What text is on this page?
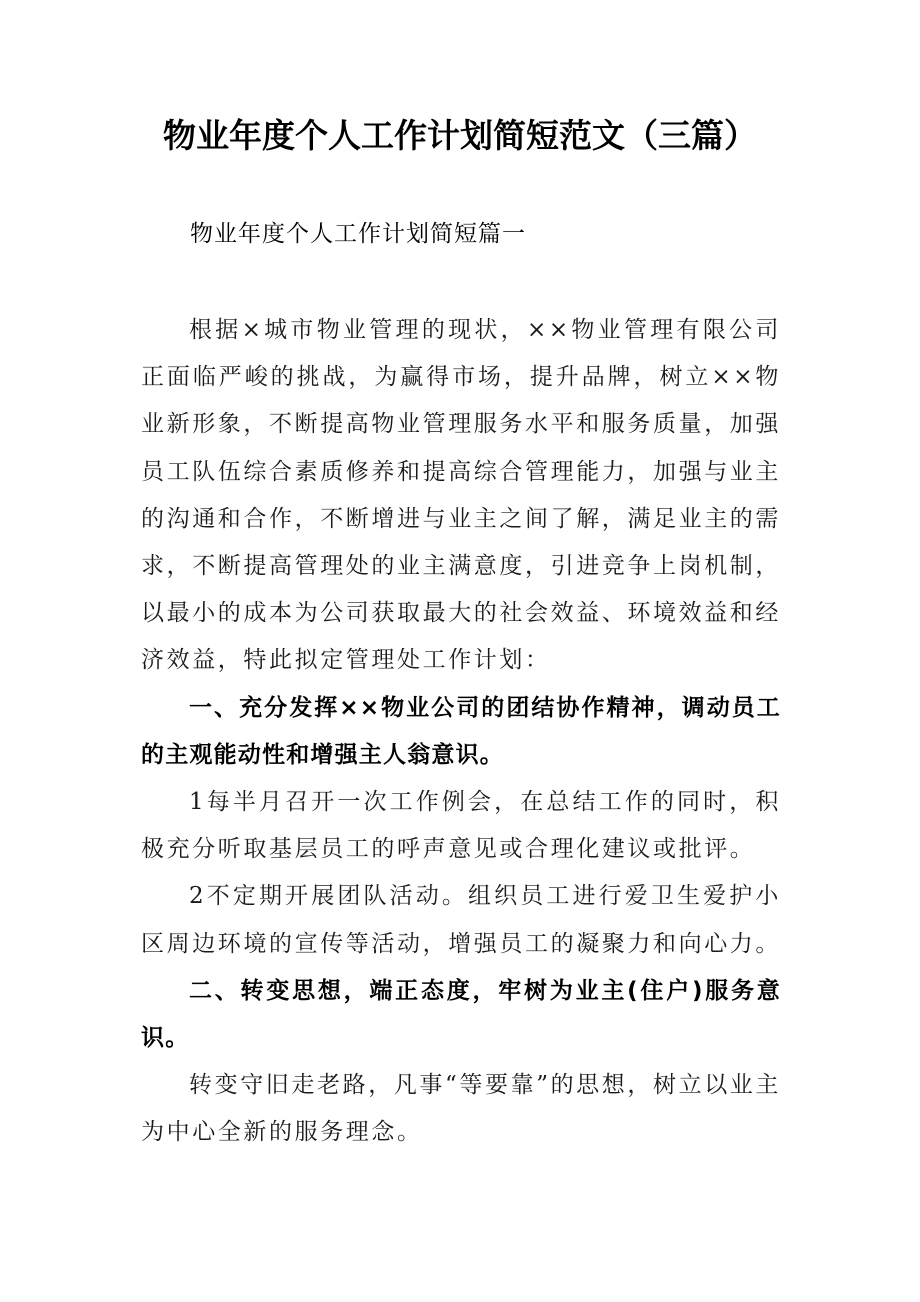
物业年度个人工作计划简短范文（三篇）
物业年度个人工作计划简短篇一

根据×城市物业管理的现状，××物业管理有限公司正面临严峻的挑战，为赢得市场，提升品牌，树立××物业新形象，不断提高物业管理服务水平和服务质量，加强员工队伍综合素质修养和提高综合管理能力，加强与业主的沟通和合作，不断增进与业主之间了解，满足业主的需求，不断提高管理处的业主满意度，引进竞争上岗机制，以最小的成本为公司获取最大的社会效益、环境效益和经济效益，特此拟定管理处工作计划：

一、充分发挥××物业公司的团结协作精神，调动员工的主观能动性和增强主人翁意识。

1每半月召开一次工作例会，在总结工作的同时，积极充分听取基层员工的呼声意见或合理化建议或批评。

2不定期开展团队活动。组织员工进行爱卫生爱护小区周边环境的宣传等活动，增强员工的凝聚力和向心力。

二、转变思想，端正态度，牢树为业主(住户)服务意识。

转变守旧走老路，凡事“等要靠”的思想，树立以业主为中心全新的服务理念。
